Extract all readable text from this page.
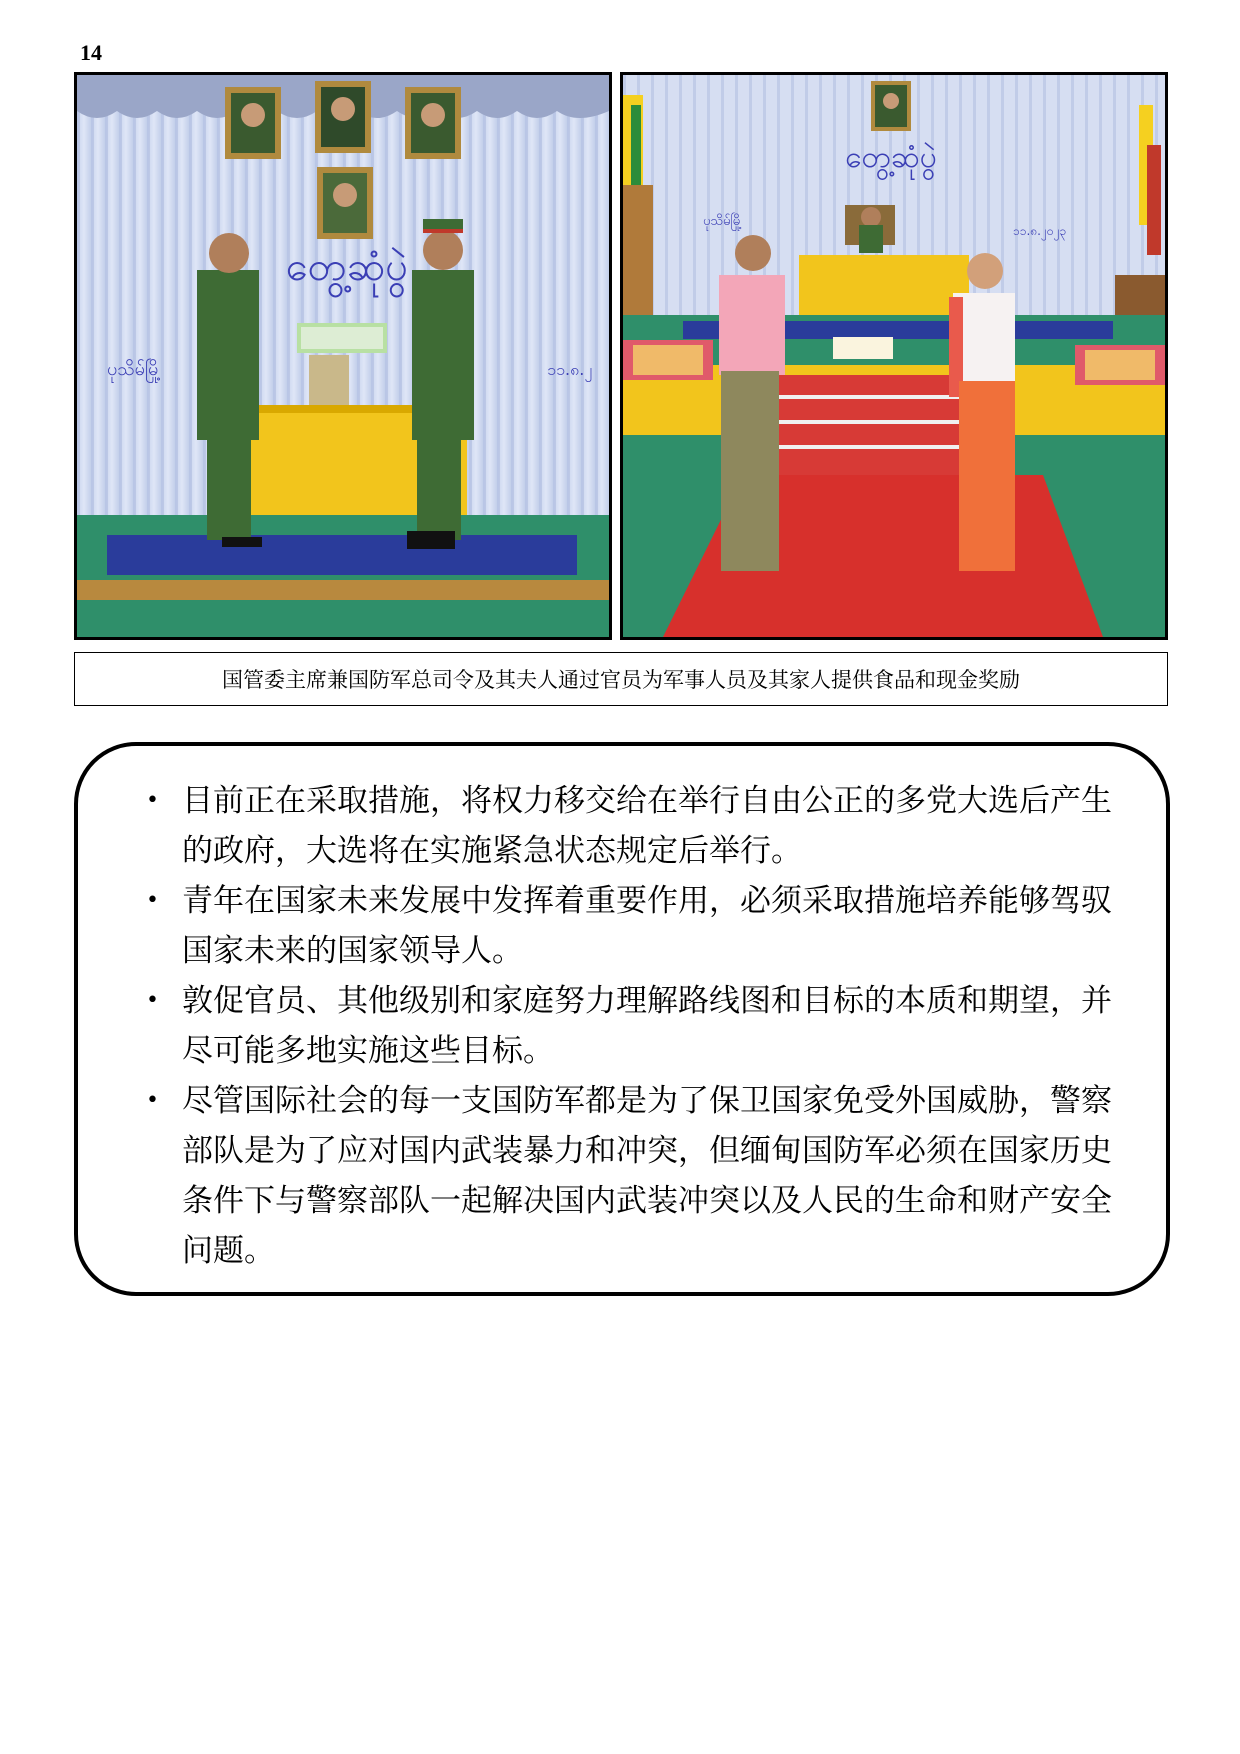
14
တွေ့ဆုံပွဲ
ပုသိမ်မြို့	၁၁.၈.၂
တွေ့ဆုံပွဲ
ပုသိမ်မြို့
၁၁.၈.၂၀၂၃
国管委主席兼国防军总司令及其夫人通过官员为军事人员及其家人提供食品和现金奖励
• 目前正在采取措施，将权力移交给在举行自由公正的多党大选后产生的政府，大选将在实施紧急状态规定后举行。
• 青年在国家未来发展中发挥着重要作用，必须采取措施培养能够驾驭国家未来的国家领导人。
• 敦促官员、其他级别和家庭努力理解路线图和目标的本质和期望，并尽可能多地实施这些目标。
• 尽管国际社会的每一支国防军都是为了保卫国家免受外国威胁，警察部队是为了应对国内武装暴力和冲突，但缅甸国防军必须在国家历史条件下与警察部队一起解决国内武装冲突以及人民的生命和财产安全问题。
